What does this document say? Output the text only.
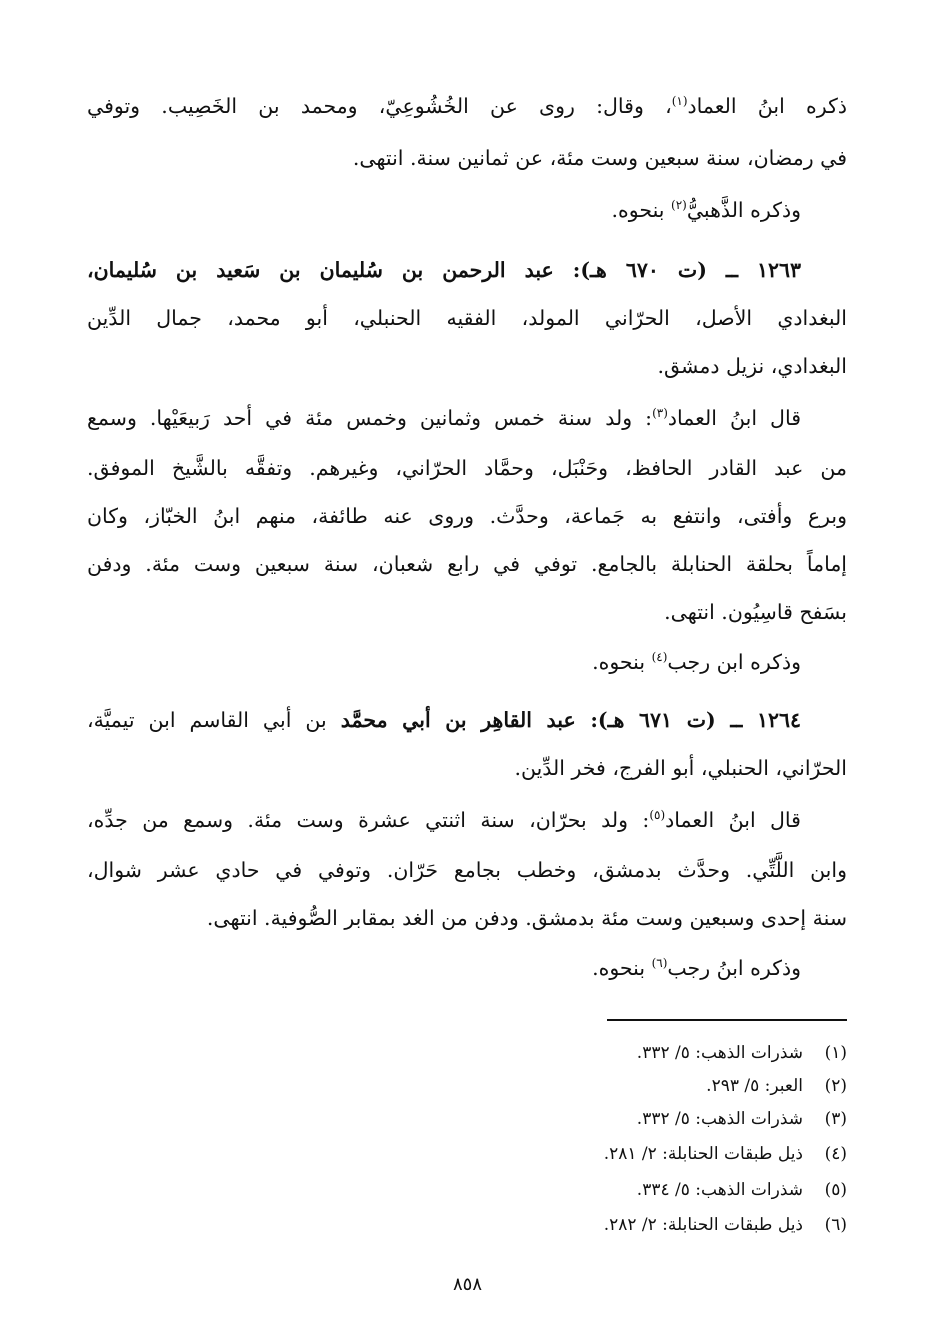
ذكره ابنُ العماد$^{(١)}$، وقال: روى عن الخُشُوعِيّ، ومحمد بن الخَصِيب. وتوفي
في رمضان، سنة سبعين وست مئة، عن ثمانين سنة. انتهى.
وذكره الذَّهبيُّ$^{(٢)}$ بنحوه.
١٢٦٣ ــ (ت ٦٧٠ هـ): عبد الرحمن بن سُليمان بن سَعيد بن سُليمان،
البغدادي الأصل، الحرّاني المولد، الفقيه الحنبلي، أبو محمد، جمال الدِّين
البغدادي، نزيل دمشق.
قال ابنُ العماد$^{(٣)}$: ولد سنة خمس وثمانين وخمس مئة في أحد رَبيعَيْها. وسمع
من عبد القادر الحافظ، وحَنْبَل، وحمَّاد الحرّاني، وغيرهم. وتفقَّه بالشَّيخ الموفق.
وبرع وأفتى، وانتفع به جَماعة، وحدَّث. وروى عنه طائفة، منهم ابنُ الخبّاز، وكان
إماماً بحلقة الحنابلة بالجامع. توفي في رابع شعبان، سنة سبعين وست مئة. ودفن
بسَفح قاسِيُون. انتهى.
وذكره ابن رجب$^{(٤)}$ بنحوه.
١٢٦٤ ــ (ت ٦٧١ هـ): عبد القاهِر بن أبي محمَّد بن أبي القاسم ابن تيميَّة،
الحرّاني، الحنبلي، أبو الفرج، فخر الدِّين.
قال ابنُ العماد$^{(٥)}$: ولد بحرّان، سنة اثنتي عشرة وست مئة. وسمع من جدِّه،
وابن اللَّتِّي. وحدَّث بدمشق، وخطب بجامع حَرّان. وتوفي في حادي عشر شوال،
سنة إحدى وسبعين وست مئة بدمشق. ودفن من الغد بمقابر الصُّوفية. انتهى.
وذكره ابنُ رجب$^{(٦)}$ بنحوه.
(١)شذرات الذهب: ٥/ ٣٣٢.
(٢)العبر: ٥/ ٢٩٣.
(٣)شذرات الذهب: ٥/ ٣٣٢.
(٤)ذيل طبقات الحنابلة: ٢/ ٢٨١.
(٥)شذرات الذهب: ٥/ ٣٣٤.
(٦)ذيل طبقات الحنابلة: ٢/ ٢٨٢.
٨٥٨
